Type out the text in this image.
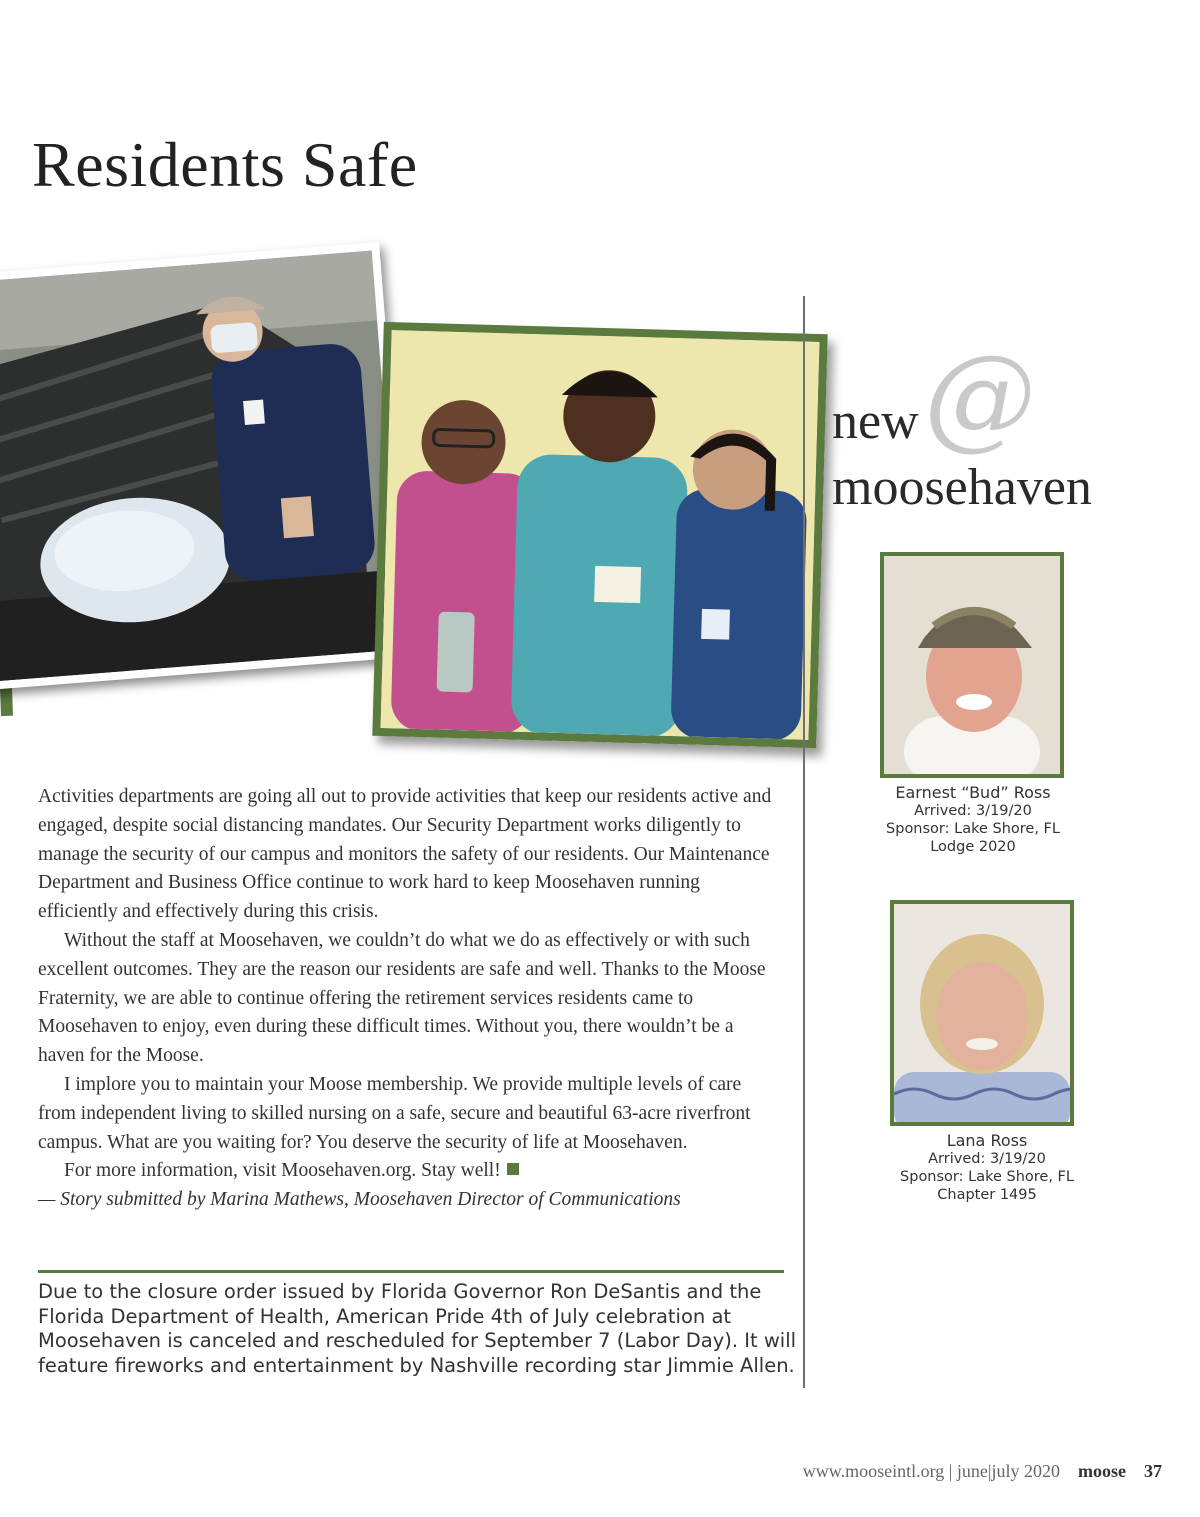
Residents Safe
@
new
moosehaven
Earnest “Bud” Ross
Arrived: 3/19/20
Sponsor: Lake Shore, FL
Lodge 2020
Lana Ross
Arrived: 3/19/20
Sponsor: Lake Shore, FL
Chapter 1495

Activities departments are going all out to provide activities that keep our residents active and engaged, despite social distancing mandates. Our Security Department works diligently to manage the security of our campus and monitors the safety of our residents. Our Maintenance Department and Business Office continue to work hard to keep Moosehaven running efficiently and effectively during this crisis.

Without the staff at Moosehaven, we couldn’t do what we do as effectively or with such excellent outcomes. They are the reason our residents are safe and well. Thanks to the Moose Fraternity, we are able to continue offering the retirement services residents came to Moosehaven to enjoy, even during these difficult times. Without you, there wouldn’t be a haven for the Moose.

I implore you to maintain your Moose membership. We provide multiple levels of care from independent living to skilled nursing on a safe, secure and beautiful 63-acre riverfront campus. What are you waiting for? You deserve the security of life at Moosehaven.

For more information, visit Moosehaven.org. Stay well!

— Story submitted by Marina Mathews, Moosehaven Director of Communications

Due to the closure order issued by Florida Governor Ron DeSantis and the Florida Department of Health, American Pride 4th of July celebration at Moosehaven is canceled and rescheduled for September 7 (Labor Day). It will feature fireworks and entertainment by Nashville recording star Jimmie Allen.

www.mooseintl.org | june|july 2020 moose 37
